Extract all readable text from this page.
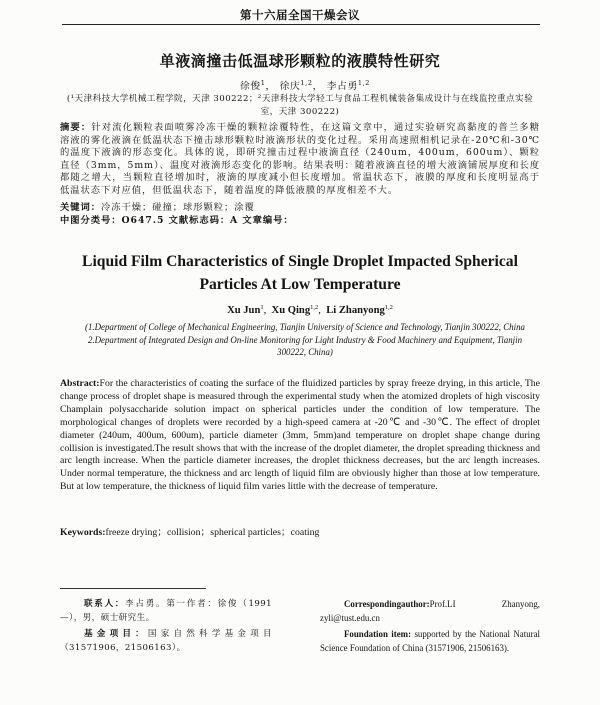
第十六届全国干燥会议
单液滴撞击低温球形颗粒的液膜特性研究
徐俊$^1$， 徐庆$^{1,2}$， 李占勇$^{1,2}$
(¹天津科技大学机械工程学院，天津 300222；²天津科技大学轻工与食品工程机械装备集成设计与在线监控重点实验室，天津 300222)
摘要：针对流化颗粒表面喷雾冷冻干燥的颗粒涂覆特性，在这篇文章中，通过实验研究高黏度的普兰多糖溶液的雾化液滴在低温状态下撞击球形颗粒时液滴形状的变化过程。采用高速照相机记录在-20℃和-30℃的温度下液滴的形态变化。具体的说，即研究撞击过程中液滴直径（240um，400um，600um）、颗粒直径（3mm，5mm）、温度对液滴形态变化的影响。结果表明：随着液滴直径的增大液滴铺展厚度和长度都随之增大，当颗粒直径增加时，液滴的厚度减小但长度增加。常温状态下，液膜的厚度和长度明显高于低温状态下对应值，但低温状态下，随着温度的降低液膜的厚度相差不大。
关键词：冷冻干燥；碰撞；球形颗粒；涂覆
中图分类号：O647.5 文献标志码：A 文章编号：
Liquid Film Characteristics of Single Droplet Impacted Spherical Particles At Low Temperature
Xu Jun$^1$,  Xu Qing$^{1,2}$,  Li Zhanyong$^{1,2}$
(1.Department of College of Mechanical Engineering, Tianjin University of Science and Technology, Tianjin 300222, China
2.Department of Integrated Design and On-line Monitoring for Light Industry & Food Machinery and Equipment, Tianjin 300222, China)
Abstract:For the characteristics of coating the surface of the fluidized particles by spray freeze drying, in this article, The change process of droplet shape is measured through the experimental study when the atomized droplets of high viscosity Champlain polysaccharide solution impact on spherical particles under the condition of low temperature. The morphological changes of droplets were recorded by a high-speed camera at -20℃ and -30℃. The effect of droplet diameter (240um, 400um, 600um), particle diameter (3mm, 5mm)and temperature on droplet shape change during collision is investigated.The result shows that with the increase of the droplet diameter, the droplet spreading thickness and arc length increase. When the particle diameter increases, the droplet thickness decreases, but the arc length increases. Under normal temperature, the thickness and arc length of liquid film are obviously higher than those at low temperature. But at low temperature, the thickness of liquid film varies little with the decrease of temperature.
Keywords:freeze drying；collision；spherical particles；coating

联系人：李占勇。第一作者：徐俊（1991—），男，硕士研究生。

基金项目：国家自然科学基金项目（31571906，21506163）。

Correspondingauthor:Prof.LI Zhanyong, zyli@tust.edu.cn

Foundation item: supported by the National Natural Science Foundation of China (31571906, 21506163).
